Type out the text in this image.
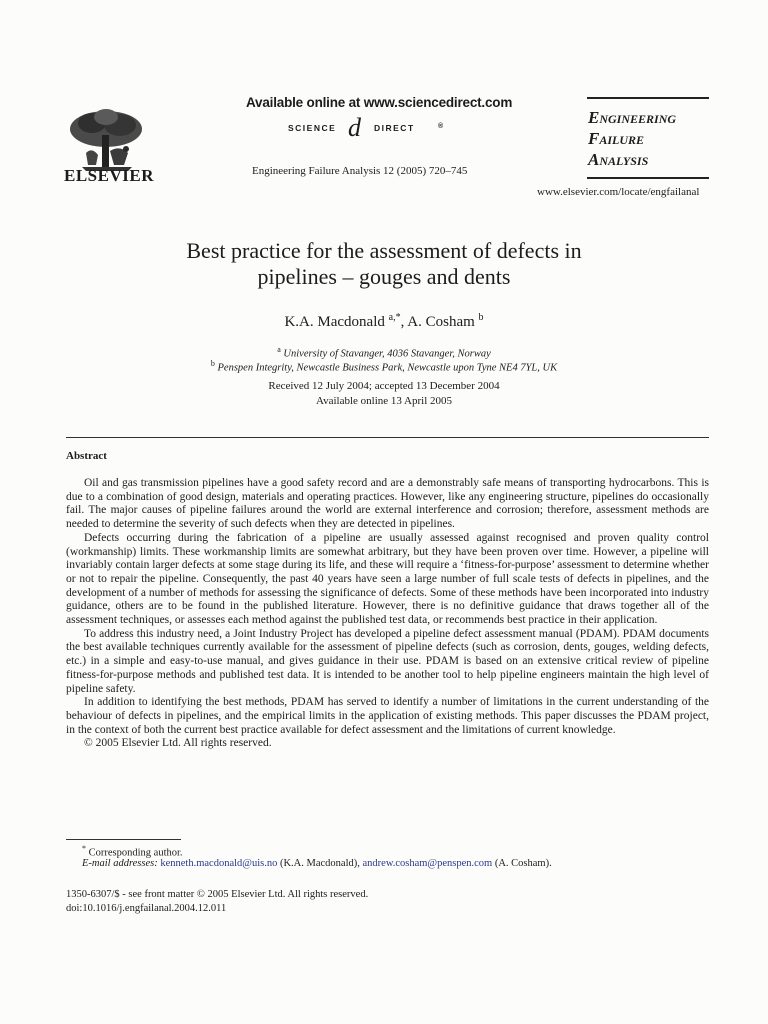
ELSEVIER
Available online at www.sciencedirect.com
SCIENCE d DIRECT	®
Engineering Failure Analysis 12 (2005) 720–745
Engineering
Failure
Analysis
www.elsevier.com/locate/engfailanal
Best practice for the assessment of defects in
pipelines – gouges and dents
K.A. Macdonald $^{a,*}$, A. Cosham $^b$
$^a$ University of Stavanger, 4036 Stavanger, Norway
$^b$ Penspen Integrity, Newcastle Business Park, Newcastle upon Tyne NE4 7YL, UK
Received 12 July 2004; accepted 13 December 2004
Available online 13 April 2005
Abstract

Oil and gas transmission pipelines have a good safety record and are a demonstrably safe means of transporting hydrocarbons. This is due to a combination of good design, materials and operating practices. However, like any engineering structure, pipelines do occasionally fail. The major causes of pipeline failures around the world are external interference and corrosion; therefore, assessment methods are needed to determine the severity of such defects when they are detected in pipelines.

Defects occurring during the fabrication of a pipeline are usually assessed against recognised and proven quality control (workmanship) limits. These workmanship limits are somewhat arbitrary, but they have been proven over time. However, a pipeline will invariably contain larger defects at some stage during its life, and these will require a ‘fitness-for-purpose’ assessment to determine whether or not to repair the pipeline. Consequently, the past 40 years have seen a large number of full scale tests of defects in pipelines, and the development of a number of methods for assessing the significance of defects. Some of these methods have been incorporated into industry guidance, others are to be found in the published literature. However, there is no definitive guidance that draws together all of the assessment techniques, or assesses each method against the published test data, or recommends best practice in their application.

To address this industry need, a Joint Industry Project has developed a pipeline defect assessment manual (PDAM). PDAM documents the best available techniques currently available for the assessment of pipeline defects (such as corrosion, dents, gouges, welding defects, etc.) in a simple and easy-to-use manual, and gives guidance in their use. PDAM is based on an extensive critical review of pipeline fitness-for-purpose methods and published test data. It is intended to be another tool to help pipeline engineers maintain the high level of pipeline safety.

In addition to identifying the best methods, PDAM has served to identify a number of limitations in the current understanding of the behaviour of defects in pipelines, and the empirical limits in the application of existing methods. This paper discusses the PDAM project, in the context of both the current best practice available for defect assessment and the limitations of current knowledge.

© 2005 Elsevier Ltd. All rights reserved.

* Corresponding author.
E-mail addresses: kenneth.macdonald@uis.no (K.A. Macdonald), andrew.cosham@penspen.com (A. Cosham).
1350-6307/$ - see front matter © 2005 Elsevier Ltd. All rights reserved.
doi:10.1016/j.engfailanal.2004.12.011
